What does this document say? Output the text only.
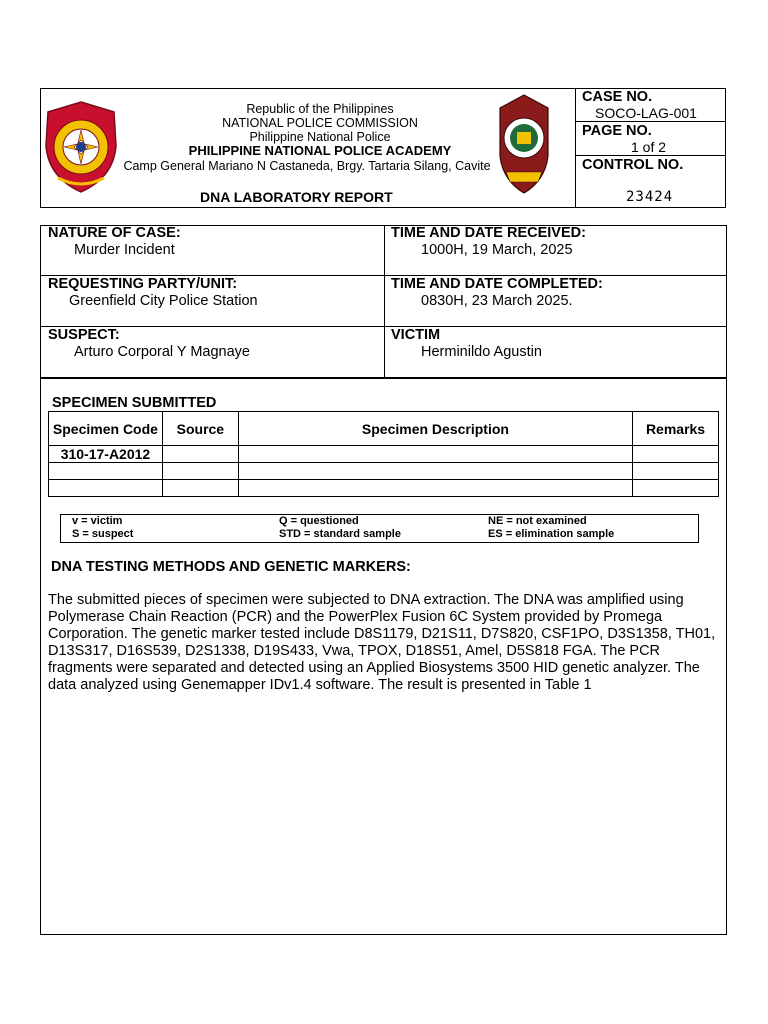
Republic of the Philippines
NATIONAL POLICE COMMISSION
Philippine National Police
PHILIPPINE NATIONAL POLICE ACADEMY
Camp General Mariano N Castaneda, Brgy. Tartaria Silang, Cavite
DNA LABORATORY REPORT
CASE NO.
SOCO-LAG-001
PAGE NO.
1 of 2
CONTROL NO.
23424
NATURE OF CASE:
Murder Incident
TIME AND DATE RECEIVED:
1000H, 19 March, 2025
REQUESTING PARTY/UNIT:
Greenfield City Police Station
TIME AND DATE COMPLETED:
0830H, 23 March 2025.
SUSPECT:
Arturo Corporal Y Magnaye
VICTIM
Herminildo Agustin
SPECIMEN SUBMITTED
Specimen Code	Source	Specimen Description	Remarks
310-17-A2012			

v = victim
S = suspect
Q = questioned
STD = standard sample
NE = not examined
ES = elimination sample
DNA TESTING METHODS AND GENETIC MARKERS:
The submitted pieces of specimen were subjected to DNA extraction. The DNA was amplified using Polymerase Chain Reaction (PCR) and the PowerPlex Fusion 6C System provided by Promega Corporation. The genetic marker tested include D8S1179, D21S11, D7S820, CSF1PO, D3S1358, TH01, D13S317, D16S539, D2S1338, D19S433, Vwa, TPOX, D18S51, Amel, D5S818 FGA. The PCR fragments were separated and detected using an Applied Biosystems 3500 HID genetic analyzer. The data analyzed using Genemapper IDv1.4 software. The result is presented in Table 1
